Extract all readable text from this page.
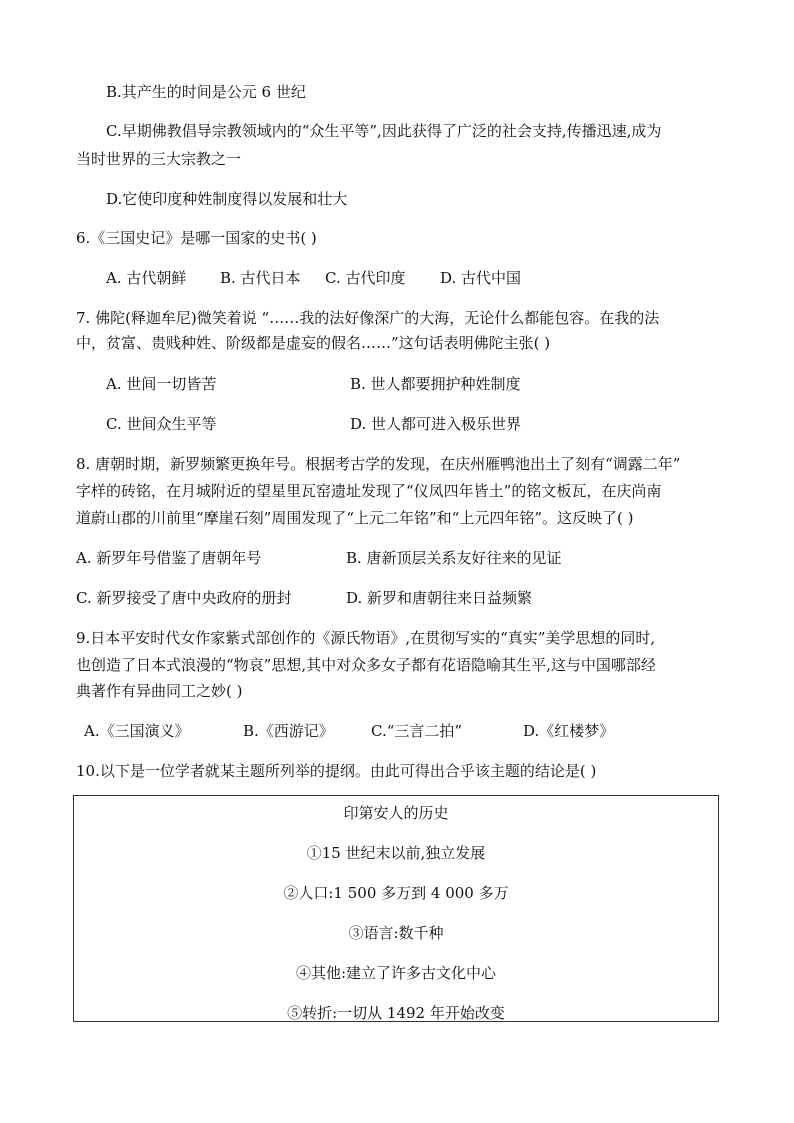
B.其产生的时间是公元 6 世纪
C.早期佛教倡导宗教领域内的“众生平等”,因此获得了广泛的社会支持,传播迅速,成为
当时世界的三大宗教之一
D.它使印度种姓制度得以发展和壮大
6.《三国史记》是哪一国家的史书( )
A. 古代朝鲜 B. 古代日本 C. 古代印度 D. 古代中国
7. 佛陀(释迦牟尼)微笑着说 “……我的法好像深广的大海，无论什么都能包容。在我的法
中，贫富、贵贱种姓、阶级都是虚妄的假名……”这句话表明佛陀主张( )
A. 世间一切皆苦	B. 世人都要拥护种姓制度
C. 世间众生平等	D. 世人都可进入极乐世界
8. 唐朝时期，新罗频繁更换年号。根据考古学的发现，在庆州雁鸭池出土了刻有“调露二年”
字样的砖铭，在月城附近的望星里瓦窑遗址发现了“仪凤四年皆土”的铭文板瓦，在庆尚南
道蔚山郡的川前里“摩崖石刻”周围发现了“上元二年铭”和“上元四年铭”。这反映了( )
A. 新罗年号借鉴了唐朝年号	B. 唐新顶层关系友好往来的见证
C. 新罗接受了唐中央政府的册封	D. 新罗和唐朝往来日益频繁
9.日本平安时代女作家紫式部创作的《源氏物语》,在贯彻写实的“真实”美学思想的同时,
也创造了日本式浪漫的“物哀”思想,其中对众多女子都有花语隐喻其生平,这与中国哪部经
典著作有异曲同工之妙( )
A.《三国演义》	B.《西游记》 C.“三言二拍”	D.《红楼梦》
10.以下是一位学者就某主题所列举的提纲。由此可得出合乎该主题的结论是( )
印第安人的历史
①15 世纪末以前,独立发展
②人口:1 500 多万到 4 000 多万
③语言:数千种
④其他:建立了许多古文化中心
⑤转折:一切从 1492 年开始改变
